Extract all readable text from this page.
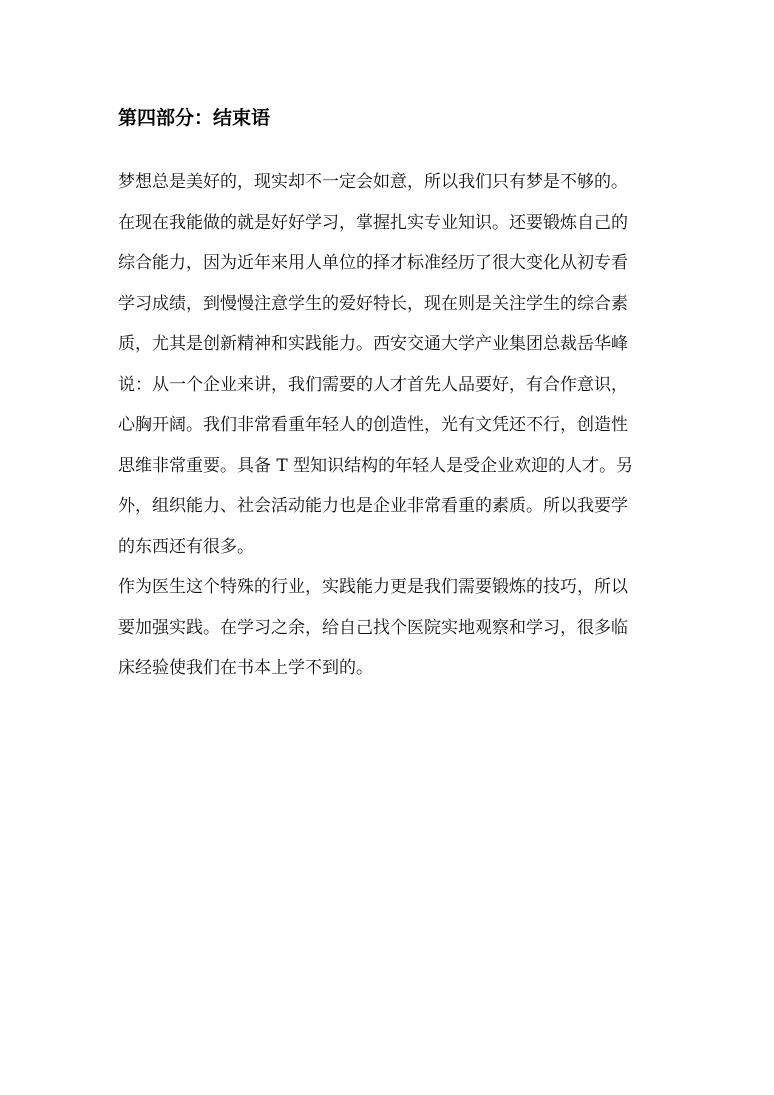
第四部分：结束语
梦想总是美好的，现实却不一定会如意，所以我们只有梦是不够的。
在现在我能做的就是好好学习，掌握扎实专业知识。还要锻炼自己的
综合能力，因为近年来用人单位的择才标准经历了很大变化从初专看
学习成绩，到慢慢注意学生的爱好特长，现在则是关注学生的综合素
质，尤其是创新精神和实践能力。西安交通大学产业集团总裁岳华峰
说：从一个企业来讲，我们需要的人才首先人品要好，有合作意识，
心胸开阔。我们非常看重年轻人的创造性，光有文凭还不行，创造性
思维非常重要。具备 T 型知识结构的年轻人是受企业欢迎的人才。另
外，组织能力、社会活动能力也是企业非常看重的素质。所以我要学
的东西还有很多。
作为医生这个特殊的行业，实践能力更是我们需要锻炼的技巧，所以
要加强实践。在学习之余，给自己找个医院实地观察和学习，很多临
床经验使我们在书本上学不到的。
